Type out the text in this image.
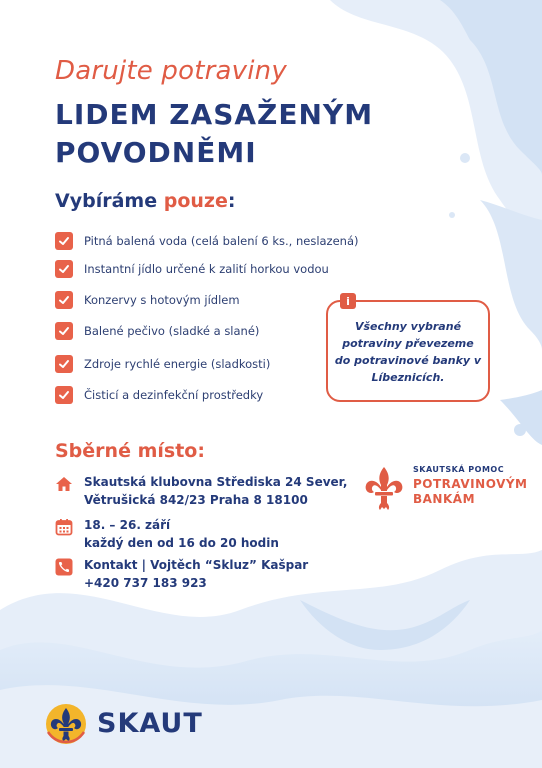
Darujte potraviny
LIDEM ZASAŽENÝM
POVODNĚMI
Vybíráme pouze:
Pitná balená voda (celá balení 6 ks., neslazená)
Instantní jídlo určené k zalití horkou vodou
Konzervy s hotovým jídlem
Balené pečivo (sladké a slané)
Zdroje rychlé energie (sladkosti)
Čisticí a dezinfekční prostředky
i
Všechny vybrané potraviny převezeme do potravinové banky v Líbeznicích.
Sběrné místo:
Skautská klubovna Střediska 24 Sever,
Větrušická 842/23 Praha 8 18100
18. – 26. září
každý den od 16 do 20 hodin
Kontakt | Vojtěch “Skluz” Kašpar
+420 737 183 923
SKAUTSKÁ POMOC
POTRAVINOVÝM
BANKÁM
SKAUT
